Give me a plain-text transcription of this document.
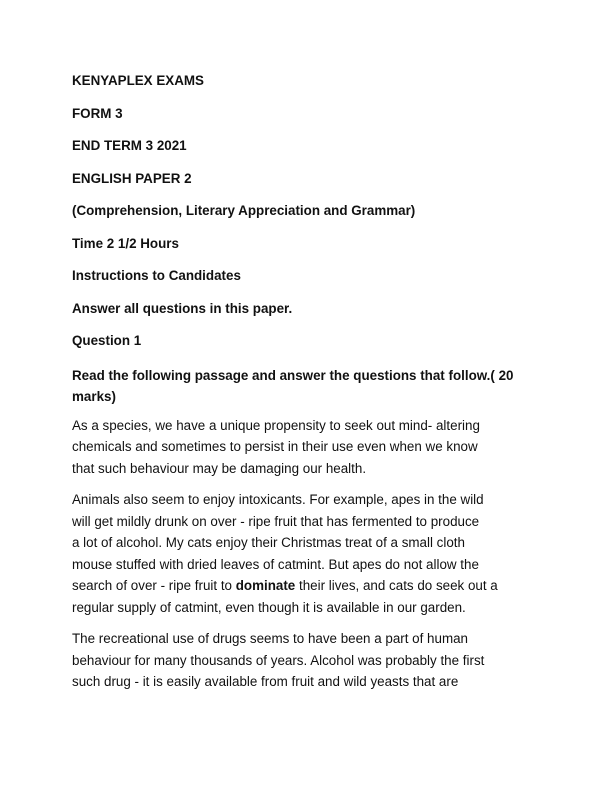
KENYAPLEX EXAMS
FORM 3
END TERM 3 2021
ENGLISH PAPER 2
(Comprehension, Literary Appreciation and Grammar)
Time 2 1/2 Hours
Instructions to Candidates
Answer all questions in this paper.
Question 1
Read the following passage and answer the questions that follow.( 20
marks)
As a species, we have a unique propensity to seek out mind- altering
chemicals and sometimes to persist in their use even when we know
that such behaviour may be damaging our health.
Animals also seem to enjoy intoxicants. For example, apes in the wild
will get mildly drunk on over - ripe fruit that has fermented to produce
a lot of alcohol. My cats enjoy their Christmas treat of a small cloth
mouse stuffed with dried leaves of catmint. But apes do not allow the
search of over - ripe fruit to dominate their lives, and cats do seek out a
regular supply of catmint, even though it is available in our garden.
The recreational use of drugs seems to have been a part of human
behaviour for many thousands of years. Alcohol was probably the first
such drug - it is easily available from fruit and wild yeasts that are
